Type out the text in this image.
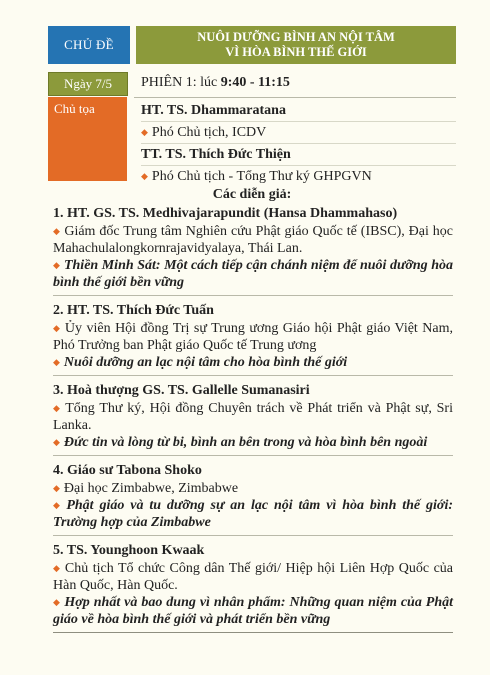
CHỦ ĐỀ	NUÔI DƯỠNG BÌNH AN NỘI TÂM
VÌ HÒA BÌNH THẾ GIỚI
Ngày 7/5
Chủ tọa
PHIÊN 1: lúc 9:40 - 11:15
HT. TS. Dhammaratana
◆ Phó Chủ tịch, ICDV
TT. TS. Thích Đức Thiện
◆ Phó Chủ tịch - Tổng Thư ký GHPGVN
Các diễn giả:
1. HT. GS. TS. Medhivajarapundit (Hansa Dhammahaso)
◆ Giám đốc Trung tâm Nghiên cứu Phật giáo Quốc tế (IBSC), Đại học Mahachulalongkornrajavidyalaya, Thái Lan.
◆ Thiền Minh Sát: Một cách tiếp cận chánh niệm để nuôi dưỡng hòa bình thế giới bền vững
2. HT. TS. Thích Đức Tuấn
◆ Ủy viên Hội đồng Trị sự Trung ương Giáo hội Phật giáo Việt Nam, Phó Trưởng ban Phật giáo Quốc tế Trung ương
◆ Nuôi dưỡng an lạc nội tâm cho hòa bình thế giới
3. Hoà thượng GS. TS. Gallelle Sumanasiri
◆ Tổng Thư ký, Hội đồng Chuyên trách về Phát triển và Phật sự, Sri Lanka.
◆ Đức tin và lòng từ bi, bình an bên trong và hòa bình bên ngoài
4. Giáo sư Tabona Shoko
◆ Đại học Zimbabwe, Zimbabwe
◆ Phật giáo và tu dưỡng sự an lạc nội tâm vì hòa bình thế giới: Trường hợp của Zimbabwe
5. TS. Younghoon Kwaak
◆ Chủ tịch Tổ chức Công dân Thế giới/ Hiệp hội Liên Hợp Quốc của Hàn Quốc, Hàn Quốc.
◆ Hợp nhất và bao dung vì nhân phẩm: Những quan niệm của Phật giáo về hòa bình thế giới và phát triển bền vững
